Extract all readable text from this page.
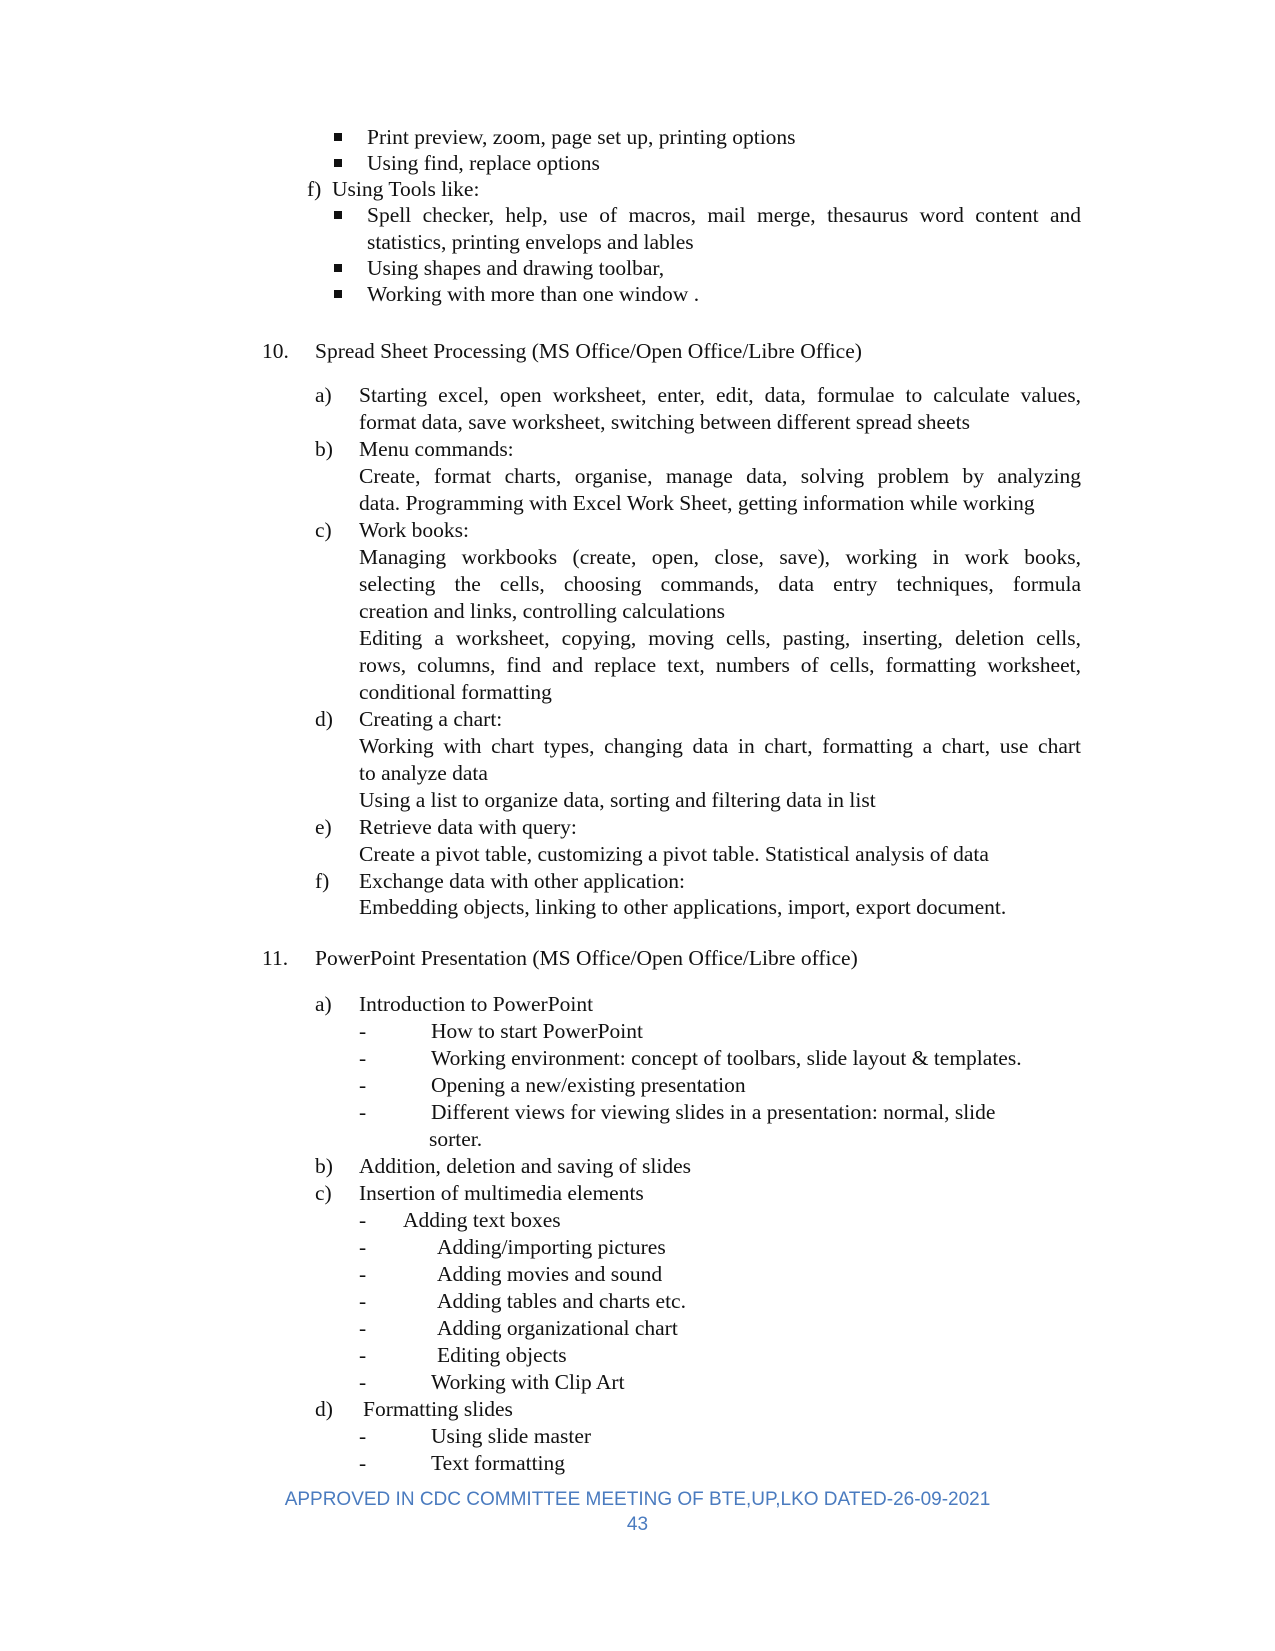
Print preview, zoom, page set up, printing options
Using find, replace options
f) Using Tools like:
Spell checker, help, use of macros, mail merge, thesaurus word content and
statistics, printing envelops and lables
Using shapes and drawing toolbar,
Working with more than one window .
10. Spread Sheet Processing (MS Office/Open Office/Libre Office)
a) Starting excel, open worksheet, enter, edit, data, formulae to calculate values,
format data, save worksheet, switching between different spread sheets
b) Menu commands:
Create, format charts, organise, manage data, solving problem by analyzing
data. Programming with Excel Work Sheet, getting information while working
c) Work books:
Managing workbooks (create, open, close, save), working in work books,
selecting the cells, choosing commands, data entry techniques, formula
creation and links, controlling calculations
Editing a worksheet, copying, moving cells, pasting, inserting, deletion cells,
rows, columns, find and replace text, numbers of cells, formatting worksheet,
conditional formatting
d) Creating a chart:
Working with chart types, changing data in chart, formatting a chart, use chart
to analyze data
Using a list to organize data, sorting and filtering data in list
e) Retrieve data with query:
Create a pivot table, customizing a pivot table. Statistical analysis of data
f) Exchange data with other application:
Embedding objects, linking to other applications, import, export document.
11. PowerPoint Presentation (MS Office/Open Office/Libre office)
a) Introduction to PowerPoint
-	How to start PowerPoint
-	Working environment: concept of toolbars, slide layout & templates.
-	Opening a new/existing presentation
-	Different views for viewing slides in a presentation: normal, slide
sorter.
b) Addition, deletion and saving of slides
c) Insertion of multimedia elements
- Adding text boxes
-	Adding/importing pictures
-	Adding movies and sound
-	Adding tables and charts etc.
-	Adding organizational chart
-	Editing objects
-	Working with Clip Art
d) Formatting slides
-	Using slide master
-	Text formatting
APPROVED IN CDC COMMITTEE MEETING OF BTE,UP,LKO DATED-26-09-2021
43
